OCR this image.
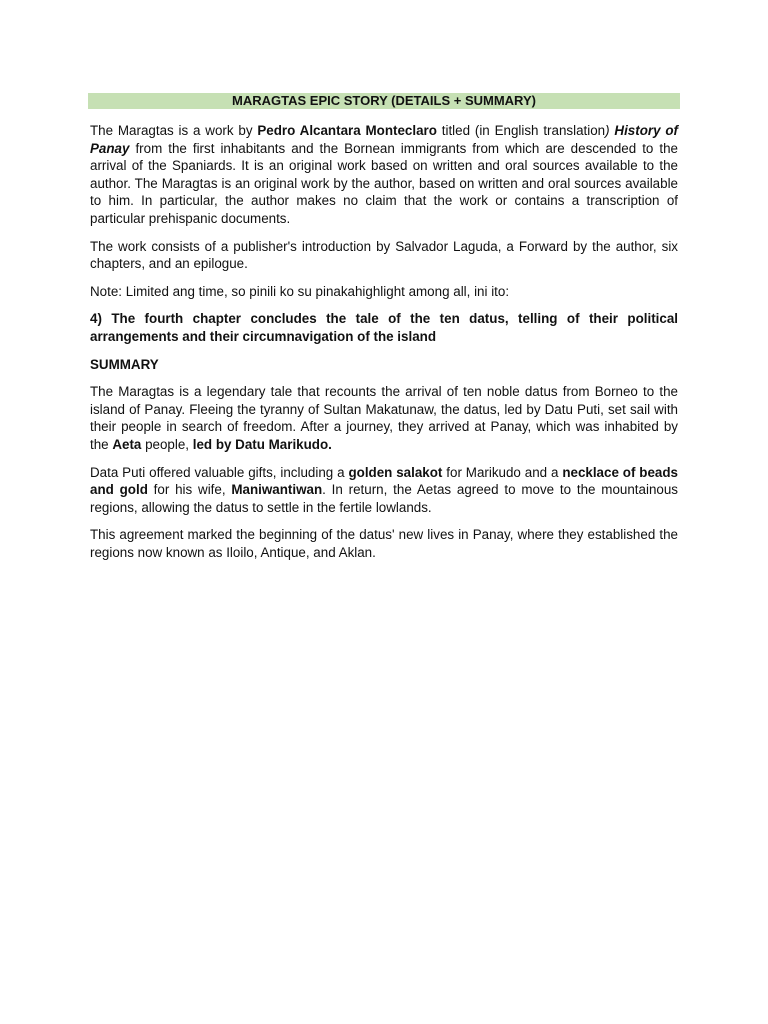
MARAGTAS EPIC STORY (DETAILS + SUMMARY)

The Maragtas is a work by Pedro Alcantara Monteclaro titled (in English translation) History of Panay from the first inhabitants and the Bornean immigrants from which are descended to the arrival of the Spaniards. It is an original work based on written and oral sources available to the author. The Maragtas is an original work by the author, based on written and oral sources available to him. In particular, the author makes no claim that the work or contains a transcription of particular prehispanic documents.

The work consists of a publisher's introduction by Salvador Laguda, a Forward by the author, six chapters, and an epilogue.

Note: Limited ang time, so pinili ko su pinakahighlight among all, ini ito:

4) The fourth chapter concludes the tale of the ten datus, telling of their political arrangements and their circumnavigation of the island

SUMMARY

The Maragtas is a legendary tale that recounts the arrival of ten noble datus from Borneo to the island of Panay. Fleeing the tyranny of Sultan Makatunaw, the datus, led by Datu Puti, set sail with their people in search of freedom. After a journey, they arrived at Panay, which was inhabited by the Aeta people, led by Datu Marikudo.

Data Puti offered valuable gifts, including a golden salakot for Marikudo and a necklace of beads and gold for his wife, Maniwantiwan. In return, the Aetas agreed to move to the mountainous regions, allowing the datus to settle in the fertile lowlands.

This agreement marked the beginning of the datus' new lives in Panay, where they established the regions now known as Iloilo, Antique, and Aklan.
